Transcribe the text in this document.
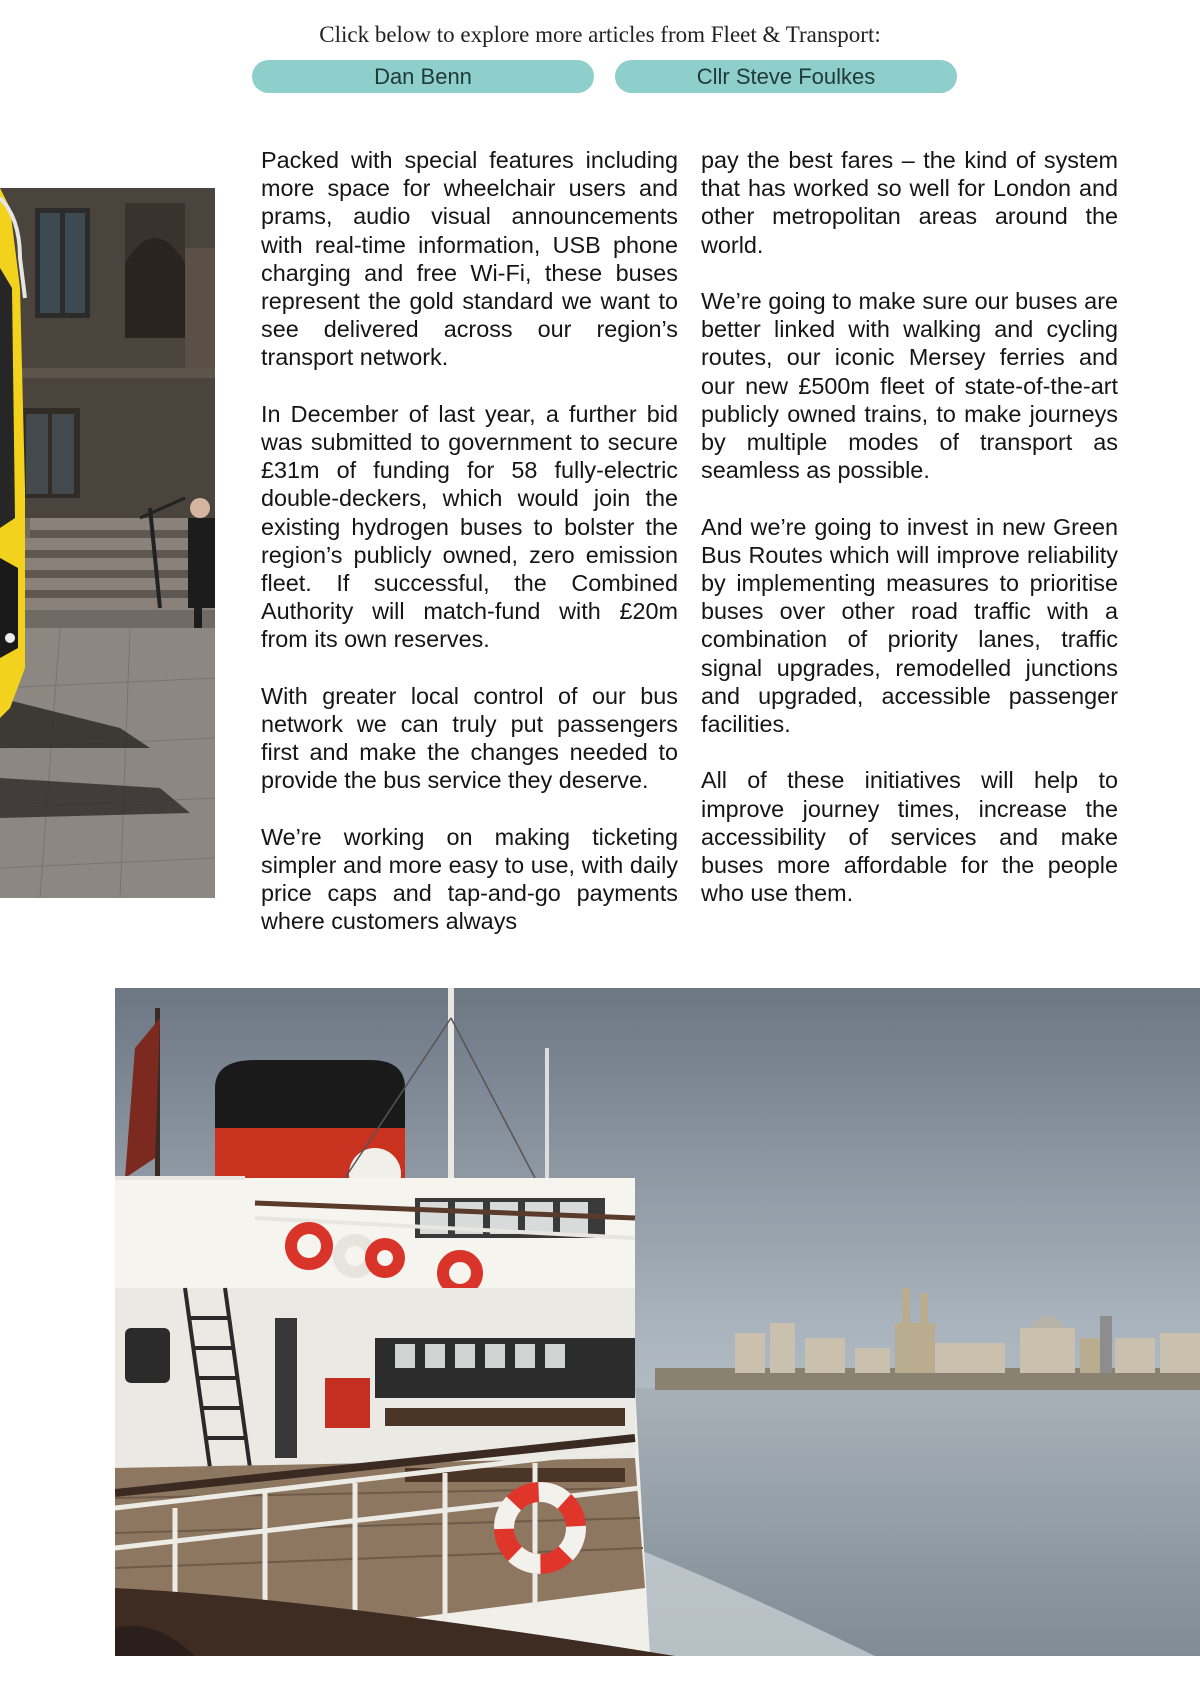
Click below to explore more articles from Fleet & Transport:
Dan Benn	Cllr Steve Foulkes

Packed with special features including more space for wheelchair users and prams, audio visual announcements with real-time information, USB phone charging and free Wi-Fi, these buses represent the gold standard we want to see delivered across our region’s transport network.

In December of last year, a further bid was submitted to government to secure £31m of funding for 58 fully-electric double-deckers, which would join the existing hydrogen buses to bolster the region’s publicly owned, zero emission fleet. If successful, the Combined Authority will match-fund with £20m from its own reserves.

With greater local control of our bus network we can truly put passengers first and make the changes needed to provide the bus service they deserve.

We’re working on making ticketing simpler and more easy to use, with daily price caps and tap-and-go payments where customers always

pay the best fares – the kind of system that has worked so well for London and other metropolitan areas around the world.

We’re going to make sure our buses are better linked with walking and cycling routes, our iconic Mersey ferries and our new £500m fleet of state-of-the-art publicly owned trains, to make journeys by multiple modes of transport as seamless as possible.

And we’re going to invest in new Green Bus Routes which will improve reliability by implementing measures to prioritise buses over other road traffic with a combination of priority lanes, traffic signal upgrades, remodelled junctions and upgraded, accessible passenger facilities.

All of these initiatives will help to improve journey times, increase the accessibility of services and make buses more affordable for the people who use them.
